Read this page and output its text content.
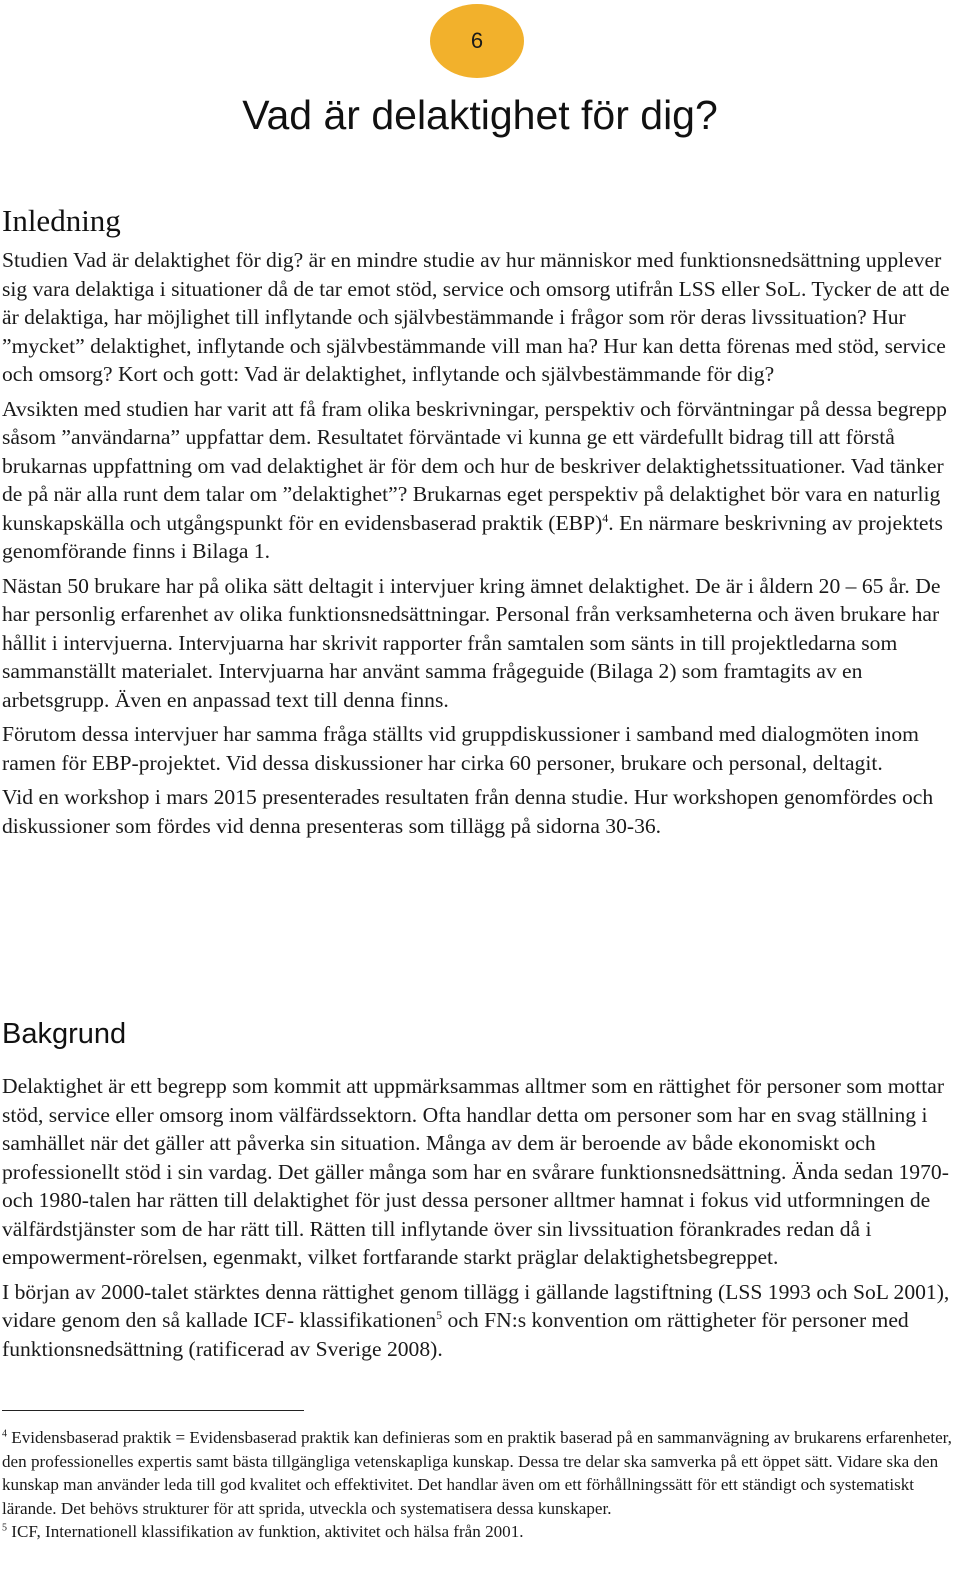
6
Vad är delaktighet för dig?
Inledning

Studien Vad är delaktighet för dig? är en mindre studie av hur människor med funktionsnedsättning upplever sig vara delaktiga i situationer då de tar emot stöd, service och omsorg utifrån LSS eller SoL. Tycker de att de är delaktiga, har möjlighet till inflytande och självbestämmande i frågor som rör deras livssituation? Hur ”mycket” delaktighet, inflytande och självbestämmande vill man ha? Hur kan detta förenas med stöd, service och omsorg? Kort och gott: Vad är delaktighet, inflytande och självbestämmande för dig?

Avsikten med studien har varit att få fram olika beskrivningar, perspektiv och förväntningar på dessa begrepp såsom ”användarna” uppfattar dem. Resultatet förväntade vi kunna ge ett värdefullt bidrag till att förstå brukarnas uppfattning om vad delaktighet är för dem och hur de beskriver delaktighetssituationer. Vad tänker de på när alla runt dem talar om ”delaktighet”? Brukarnas eget perspektiv på delaktighet bör vara en naturlig kunskapskälla och utgångspunkt för en evidensbaserad praktik (EBP)$^4$. En närmare beskrivning av projektets genomförande finns i Bilaga 1.

Nästan 50 brukare har på olika sätt deltagit i intervjuer kring ämnet delaktighet. De är i åldern 20 – 65 år. De har personlig erfarenhet av olika funktionsnedsättningar. Personal från verksamheterna och även brukare har hållit i intervjuerna. Intervjuarna har skrivit rapporter från samtalen som sänts in till projektledarna som sammanställt materialet. Intervjuarna har använt samma frågeguide (Bilaga 2) som framtagits av en arbetsgrupp. Även en anpassad text till denna finns.

Förutom dessa intervjuer har samma fråga ställts vid gruppdiskussioner i samband med dialogmöten inom ramen för EBP-projektet. Vid dessa diskussioner har cirka 60 personer, brukare och personal, deltagit.

Vid en workshop i mars 2015 presenterades resultaten från denna studie. Hur workshopen genomfördes och diskussioner som fördes vid denna presenteras som tillägg på sidorna 30-36.

Bakgrund

Delaktighet är ett begrepp som kommit att uppmärksammas alltmer som en rättighet för personer som mottar stöd, service eller omsorg inom välfärdssektorn. Ofta handlar detta om personer som har en svag ställning i samhället när det gäller att påverka sin situation. Många av dem är beroende av både ekonomiskt och professionellt stöd i sin vardag. Det gäller många som har en svårare funktionsnedsättning. Ända sedan 1970- och 1980-talen har rätten till delaktighet för just dessa personer alltmer hamnat i fokus vid utformningen de välfärdstjänster som de har rätt till. Rätten till inflytande över sin livssituation förankrades redan då i empowerment-rörelsen, egenmakt, vilket fortfarande starkt präglar delaktighetsbegreppet.

I början av 2000-talet stärktes denna rättighet genom tillägg i gällande lagstiftning (LSS 1993 och SoL 2001), vidare genom den så kallade ICF- klassifikationen$^5$ och FN:s konvention om rättigheter för personer med funktionsnedsättning (ratificerad av Sverige 2008).

$^4$ Evidensbaserad praktik = Evidensbaserad praktik kan definieras som en praktik baserad på en sammanvägning av brukarens erfarenheter, den professionelles expertis samt bästa tillgängliga vetenskapliga kunskap. Dessa tre delar ska samverka på ett öppet sätt. Vidare ska den kunskap man använder leda till god kvalitet och effektivitet. Det handlar även om ett förhållningssätt för ett ständigt och systematiskt lärande. Det behövs strukturer för att sprida, utveckla och systematisera dessa kunskaper.

$^5$ ICF, Internationell klassifikation av funktion, aktivitet och hälsa från 2001.
